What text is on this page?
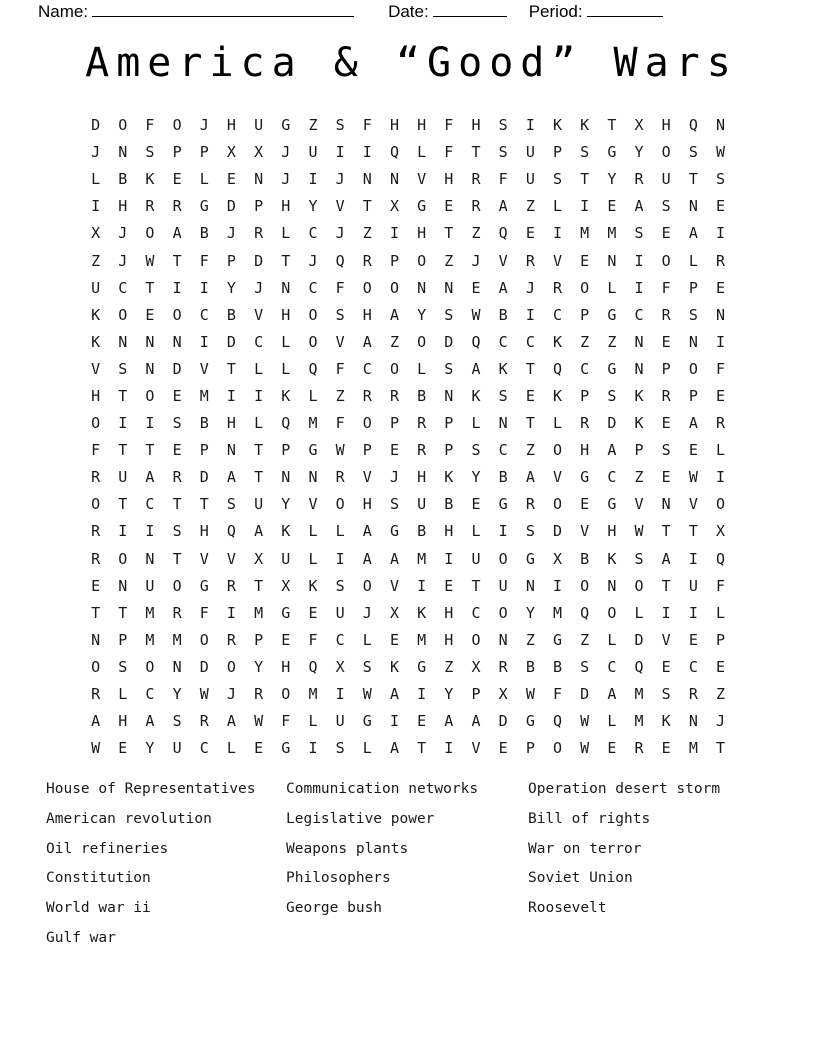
Name:	Date:	Period:
America & “Good” Wars
D	O	F	O	J	H	U	G	Z	S	F	H	H	F	H	S	I	K	K	T	X	H	Q	N
J	N	S	P	P	X	X	J	U	I	I	Q	L	F	T	S	U	P	S	G	Y	O	S	W
L	B	K	E	L	E	N	J	I	J	N	N	V	H	R	F	U	S	T	Y	R	U	T	S
I	H	R	R	G	D	P	H	Y	V	T	X	G	E	R	A	Z	L	I	E	A	S	N	E
X	J	O	A	B	J	R	L	C	J	Z	I	H	T	Z	Q	E	I	M	M	S	E	A	I
Z	J	W	T	F	P	D	T	J	Q	R	P	O	Z	J	V	R	V	E	N	I	O	L	R
U	C	T	I	I	Y	J	N	C	F	O	O	N	N	E	A	J	R	O	L	I	F	P	E
K	O	E	O	C	B	V	H	O	S	H	A	Y	S	W	B	I	C	P	G	C	R	S	N
K	N	N	N	I	D	C	L	O	V	A	Z	O	D	Q	C	C	K	Z	Z	N	E	N	I
V	S	N	D	V	T	L	L	Q	F	C	O	L	S	A	K	T	Q	C	G	N	P	O	F
H	T	O	E	M	I	I	K	L	Z	R	R	B	N	K	S	E	K	P	S	K	R	P	E
O	I	I	S	B	H	L	Q	M	F	O	P	R	P	L	N	T	L	R	D	K	E	A	R
F	T	T	E	P	N	T	P	G	W	P	E	R	P	S	C	Z	O	H	A	P	S	E	L
R	U	A	R	D	A	T	N	N	R	V	J	H	K	Y	B	A	V	G	C	Z	E	W	I
O	T	C	T	T	S	U	Y	V	O	H	S	U	B	E	G	R	O	E	G	V	N	V	O
R	I	I	S	H	Q	A	K	L	L	A	G	B	H	L	I	S	D	V	H	W	T	T	X
R	O	N	T	V	V	X	U	L	I	A	A	M	I	U	O	G	X	B	K	S	A	I	Q
E	N	U	O	G	R	T	X	K	S	O	V	I	E	T	U	N	I	O	N	O	T	U	F
T	T	M	R	F	I	M	G	E	U	J	X	K	H	C	O	Y	M	Q	O	L	I	I	L
N	P	M	M	O	R	P	E	F	C	L	E	M	H	O	N	Z	G	Z	L	D	V	E	P
O	S	O	N	D	O	Y	H	Q	X	S	K	G	Z	X	R	B	B	S	C	Q	E	C	E
R	L	C	Y	W	J	R	O	M	I	W	A	I	Y	P	X	W	F	D	A	M	S	R	Z
A	H	A	S	R	A	W	F	L	U	G	I	E	A	A	D	G	Q	W	L	M	K	N	J
W	E	Y	U	C	L	E	G	I	S	L	A	T	I	V	E	P	O	W	E	R	E	M	T
House of Representatives	Communication networks	Operation desert storm
American revolution	Legislative power	Bill of rights
Oil refineries	Weapons plants	War on terror
Constitution	Philosophers	Soviet Union
World war ii	George bush	Roosevelt
Gulf war
